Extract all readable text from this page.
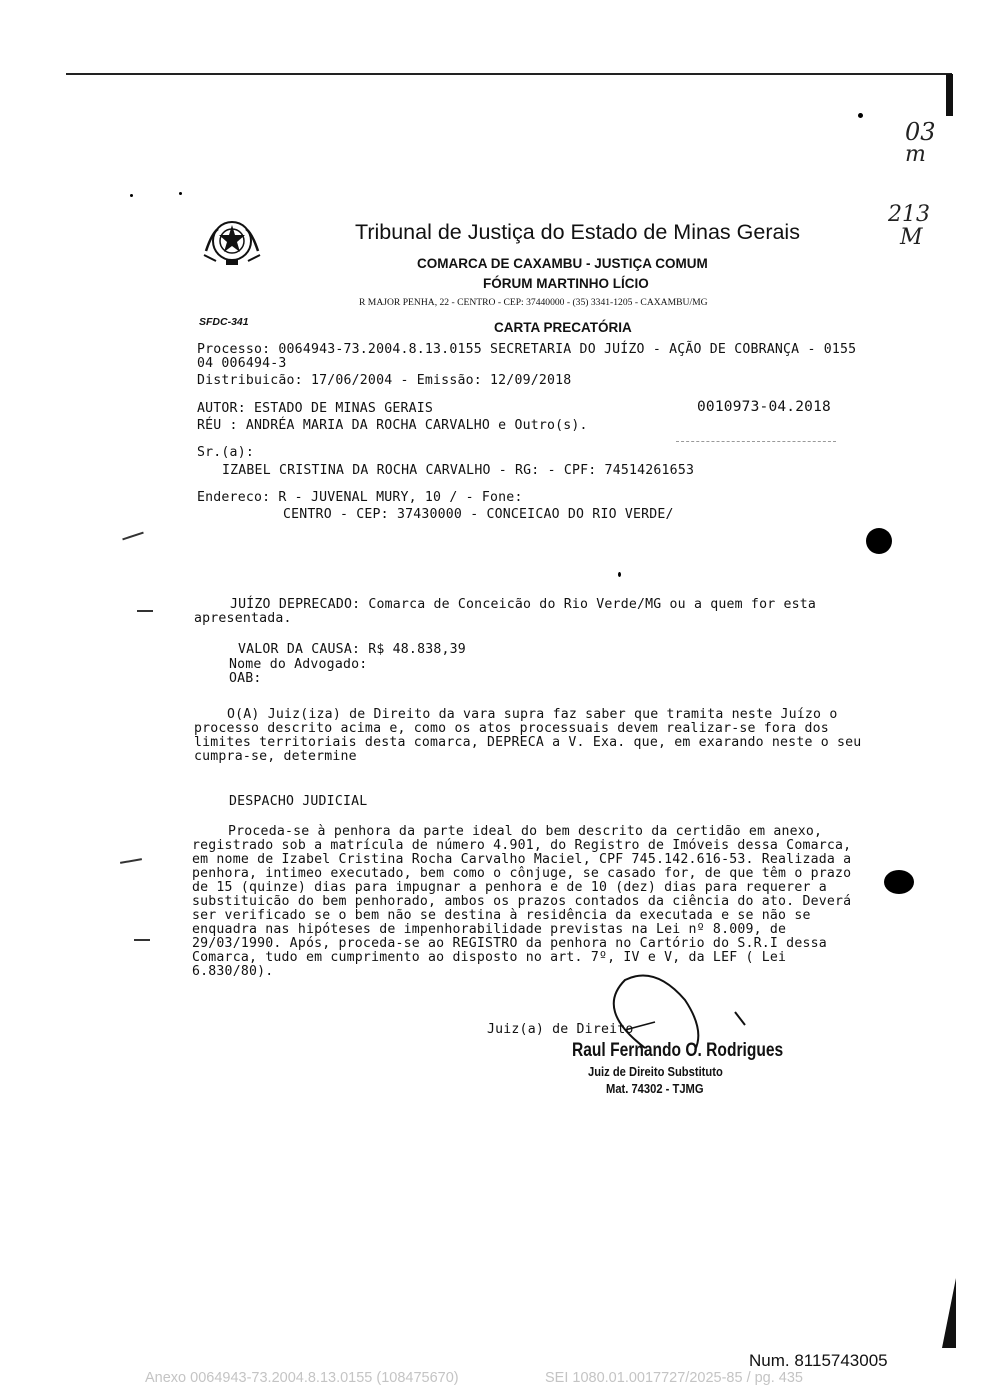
03
m
213
M
Tribunal de Justiça do Estado de Minas Gerais
COMARCA DE CAXAMBU - JUSTIÇA COMUM
FÓRUM MARTINHO LÍCIO
R MAJOR PENHA, 22 - CENTRO - CEP: 37440000 - (35) 3341-1205 - CAXAMBU/MG
SFDC-341	CARTA PRECATÓRIA
Processo: 0064943-73.2004.8.13.0155 SECRETARIA DO JUÍZO - AÇÃO DE COBRANÇA - 0155
04 006494-3
Distribuicão: 17/06/2004 - Emissão: 12/09/2018
AUTOR: ESTADO DE MINAS GERAIS	0010973-04.2018
RÉU : ANDRÉA MARIA DA ROCHA CARVALHO e Outro(s).
Sr.(a):
IZABEL CRISTINA DA ROCHA CARVALHO - RG: - CPF: 74514261653
Endereco: R - JUVENAL MURY, 10 / - Fone:
CENTRO - CEP: 37430000 - CONCEICAO DO RIO VERDE/
JUÍZO DEPRECADO: Comarca de Conceicão do Rio Verde/MG ou a quem for esta
apresentada.
VALOR DA CAUSA: R$ 48.838,39
Nome do Advogado:
OAB:
O(A) Juiz(iza) de Direito da vara supra faz saber que tramita neste Juízo o
processo descrito acima e, como os atos processuais devem realizar-se fora dos
limites territoriais desta comarca, DEPRECA a V. Exa. que, em exarando neste o seu
cumpra-se, determine
DESPACHO JUDICIAL
Proceda-se à penhora da parte ideal do bem descrito da certidão em anexo,
registrado sob a matrícula de número 4.901, do Registro de Imóveis dessa Comarca,
em nome de Izabel Cristina Rocha Carvalho Maciel, CPF 745.142.616-53. Realizada a
penhora, intimeo executado, bem como o cônjuge, se casado for, de que têm o prazo
de 15 (quinze) dias para impugnar a penhora e de 10 (dez) dias para requerer a
substituicão do bem penhorado, ambos os prazos contados da ciência do ato. Deverá
ser verificado se o bem não se destina à residência da executada e se não se
enquadra nas hipóteses de impenhorabilidade previstas na Lei nº 8.009, de
29/03/1990. Após, proceda-se ao REGISTRO da penhora no Cartório do S.R.I dessa
Comarca, tudo em cumprimento ao disposto no art. 7º, IV e V, da LEF ( Lei
6.830/80).
Juiz(a) de Direito
Raul Fernando O. Rodrigues
Juiz de Direito Substituto
Mat. 74302 - TJMG
Num. 8115743005
Anexo 0064943-73.2004.8.13.0155 (108475670)	SEI 1080.01.0017727/2025-85 / pg. 435
